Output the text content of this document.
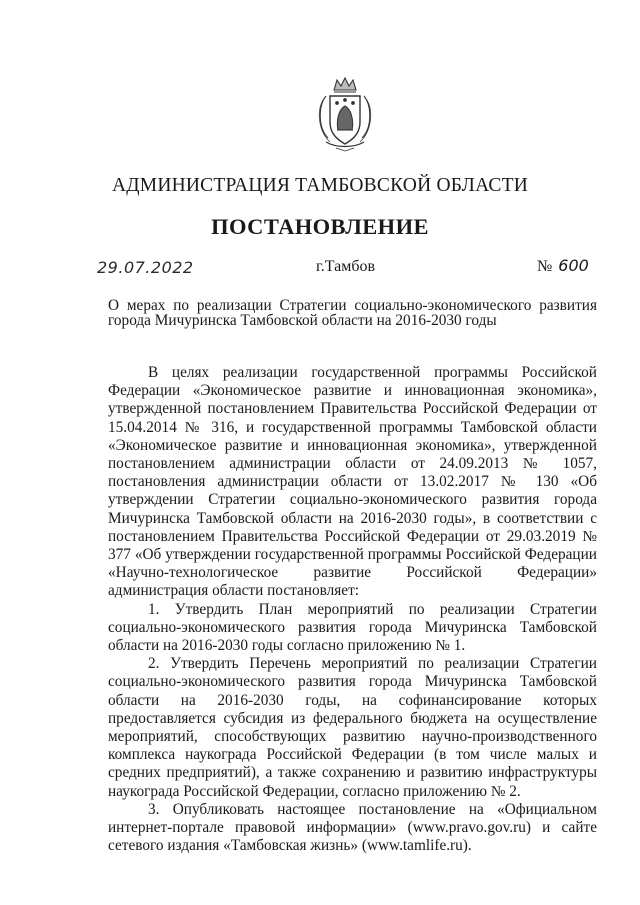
АДМИНИСТРАЦИЯ ТАМБОВСКОЙ ОБЛАСТИ
ПОСТАНОВЛЕНИЕ
29.07.2022	г.Тамбов	№ 600
О мерах по реализации Стратегии социально-экономического развития города Мичуринска Тамбовской области на 2016-2030 годы

В целях реализации государственной программы Российской Федерации «Экономическое развитие и инновационная экономика», утвержденной постановлением Правительства Российской Федерации от 15.04.2014 № 316, и государственной программы Тамбовской области «Экономическое развитие и инновационная экономика», утвержденной постановлением администрации области от 24.09.2013 № 1057, постановления администрации области от 13.02.2017 № 130 «Об утверждении Стратегии социально-экономического развития города Мичуринска Тамбовской области на 2016-2030 годы», в соответствии с постановлением Правительства Российской Федерации от 29.03.2019 № 377 «Об утверждении государственной программы Российской Федерации «Научно-технологическое развитие Российской Федерации» администрация области постановляет:

1. Утвердить План мероприятий по реализации Стратегии социально-экономического развития города Мичуринска Тамбовской области на 2016-2030 годы согласно приложению № 1.

2. Утвердить Перечень мероприятий по реализации Стратегии социально-экономического развития города Мичуринска Тамбовской области на 2016-2030 годы, на софинансирование которых предоставляется субсидия из федерального бюджета на осуществление мероприятий, способствующих развитию научно-производственного комплекса наукограда Российской Федерации (в том числе малых и средних предприятий), а также сохранению и развитию инфраструктуры наукограда Российской Федерации, согласно приложению № 2.

3. Опубликовать настоящее постановление на «Официальном интернет-портале правовой информации» (www.pravo.gov.ru) и сайте сетевого издания «Тамбовская жизнь» (www.tamlife.ru).
